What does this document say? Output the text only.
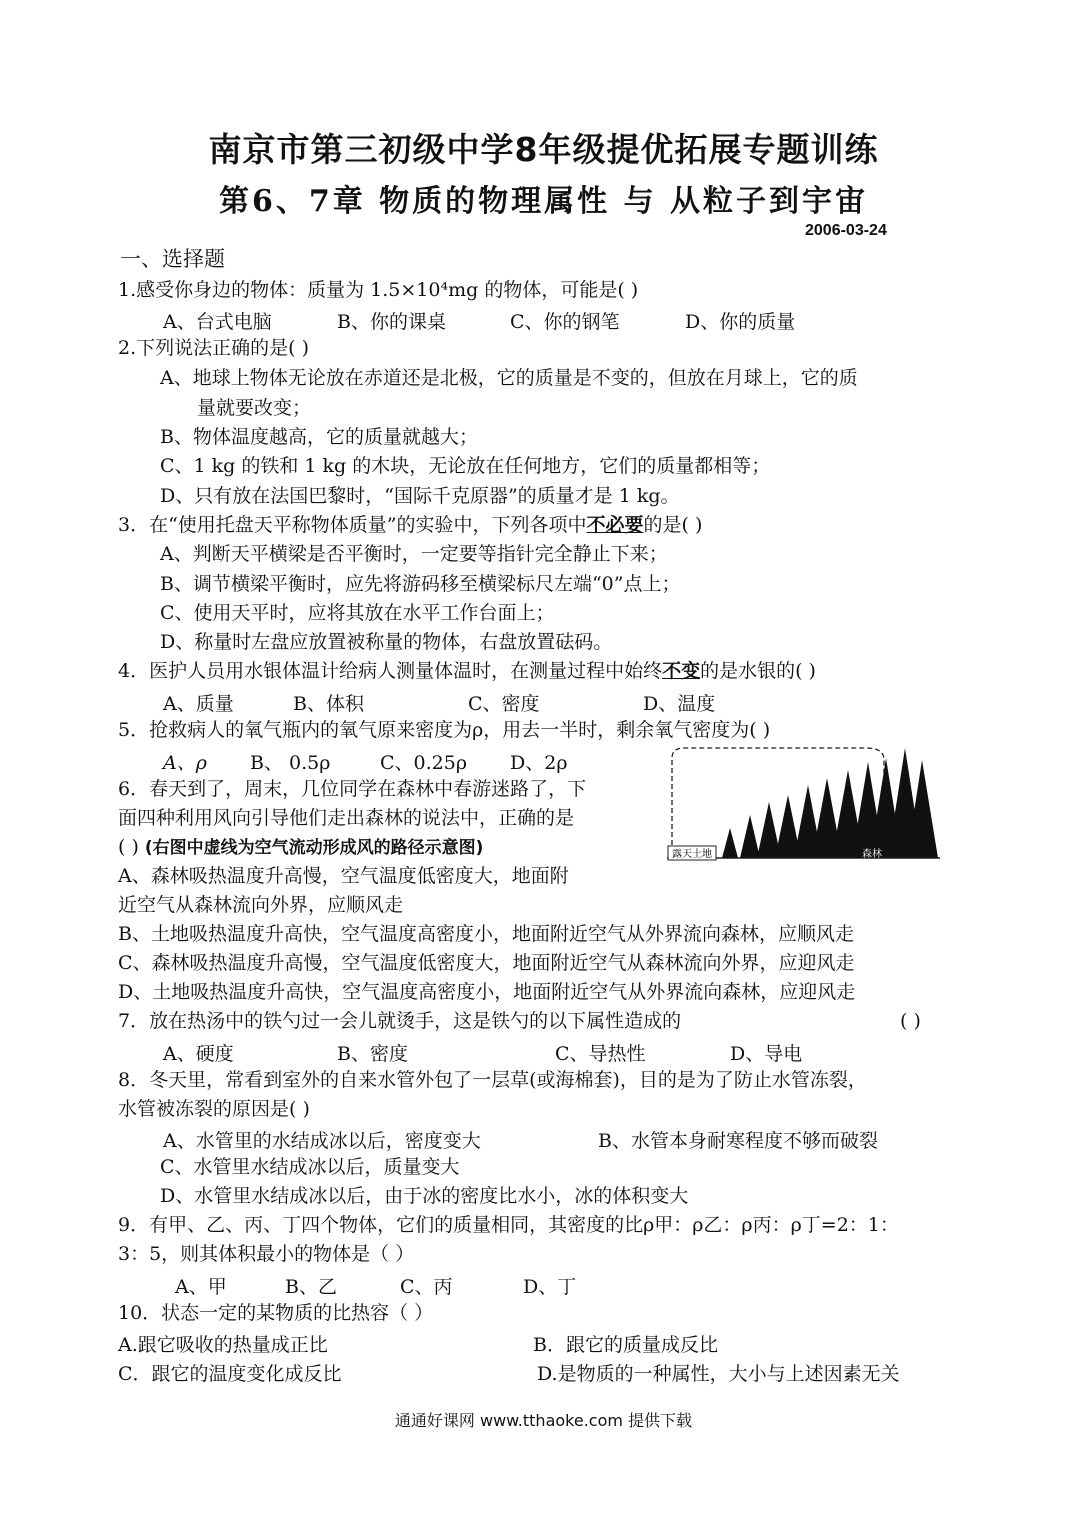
南京市第三初级中学8年级提优拓展专题训练
第6、7章 物质的物理属性 与 从粒子到宇宙
2006-03-24
一、选择题
1.感受你身边的物体：质量为 1.5×10⁴mg 的物体，可能是( )
A、台式电脑	B、你的课桌	C、你的钢笔	D、你的质量
2.下列说法正确的是( )
A、地球上物体无论放在赤道还是北极，它的质量是不变的，但放在月球上，它的质
量就要改变；
B、物体温度越高，它的质量就越大；
C、1 kg 的铁和 1 kg 的木块，无论放在任何地方，它们的质量都相等；
D、只有放在法国巴黎时，“国际千克原器”的质量才是 1 kg。
3．在“使用托盘天平称物体质量”的实验中，下列各项中不必要的是( )
A、判断天平横梁是否平衡时，一定要等指针完全静止下来；
B、调节横梁平衡时，应先将游码移至横梁标尺左端“0”点上；
C、使用天平时，应将其放在水平工作台面上；
D、称量时左盘应放置被称量的物体，右盘放置砝码。
4．医护人员用水银体温计给病人测量体温时，在测量过程中始终不变的是水银的( )
A、质量	B、体积	C、密度	D、温度
5．抢救病人的氧气瓶内的氧气原来密度为ρ，用去一半时，剩余氧气密度为( )
A、ρ B、 0.5ρ	C、0.25ρ D、2ρ
6．春天到了，周末，几位同学在森林中春游迷路了，下
面四种利用风向引导他们走出森林的说法中，正确的是
( ) (右图中虚线为空气流动形成风的路径示意图)
A、森林吸热温度升高慢，空气温度低密度大，地面附
近空气从森林流向外界，应顺风走
B、土地吸热温度升高快，空气温度高密度小，地面附近空气从外界流向森林，应顺风走
C、森林吸热温度升高慢，空气温度低密度大，地面附近空气从森林流向外界，应迎风走
D、土地吸热温度升高快，空气温度高密度小，地面附近空气从外界流向森林，应迎风走
露天土地	森林
7．放在热汤中的铁勺过一会儿就烫手，这是铁勺的以下属性造成的	( )
A、硬度	B、密度	C、导热性	D、导电
8．冬天里，常看到室外的自来水管外包了一层草(或海棉套)，目的是为了防止水管冻裂，
水管被冻裂的原因是( )
A、水管里的水结成冰以后，密度变大	B、水管本身耐寒程度不够而破裂
C、水管里水结成冰以后，质量变大
D、水管里水结成冰以后，由于冰的密度比水小，冰的体积变大
9．有甲、乙、丙、丁四个物体，它们的质量相同，其密度的比ρ甲：ρ乙：ρ丙：ρ丁=2：1：
3：5，则其体积最小的物体是（ ）
A、甲	B、乙	C、丙	D、丁
10．状态一定的某物质的比热容（ ）
A.跟它吸收的热量成正比	B．跟它的质量成反比
C．跟它的温度变化成反比	D.是物质的一种属性，大小与上述因素无关
通通好课网 www.tthaoke.com 提供下载
